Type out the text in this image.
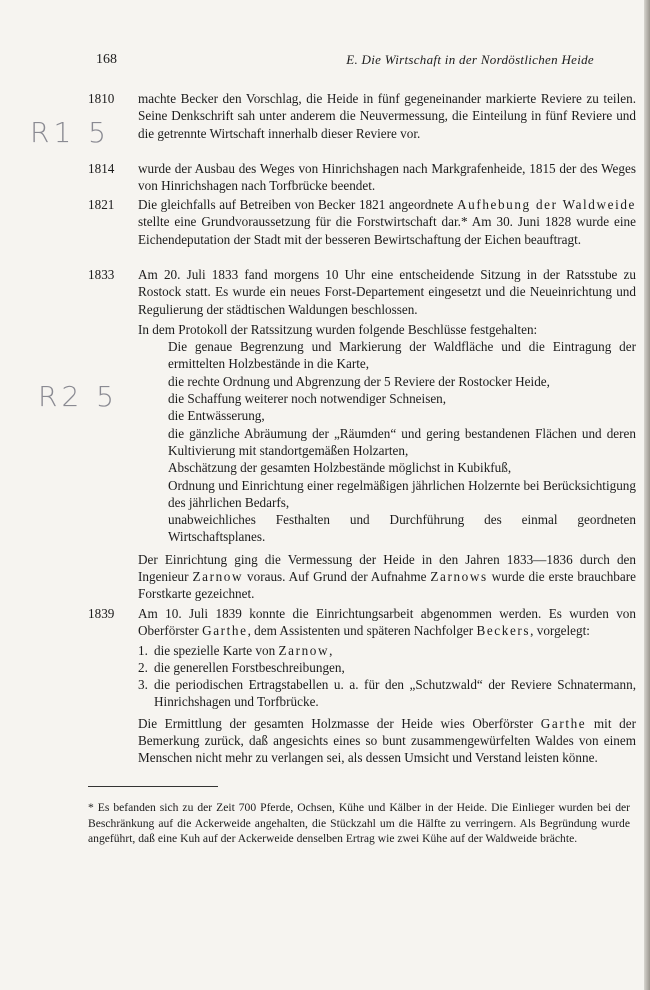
168	E. Die Wirtschaft in der Nordöstlichen Heide
R1 5
R2 5
1810	machte Becker den Vorschlag, die Heide in fünf gegeneinander markierte Reviere zu teilen. Seine Denkschrift sah unter anderem die Neuvermessung, die Einteilung in fünf Reviere und die getrennte Wirtschaft innerhalb dieser Reviere vor.
1814	wurde der Ausbau des Weges von Hinrichshagen nach Markgrafenheide, 1815 der des Weges von Hinrichshagen nach Torfbrücke beendet.
1821	Die gleichfalls auf Betreiben von Becker 1821 angeordnete Aufhebung der Waldweide stellte eine Grundvoraussetzung für die Forstwirtschaft dar.* Am 30. Juni 1828 wurde eine Eichendeputation der Stadt mit der besseren Bewirtschaftung der Eichen beauftragt.
1833	Am 20. Juli 1833 fand morgens 10 Uhr eine entscheidende Sitzung in der Ratsstube zu Rostock statt. Es wurde ein neues Forst-Departement eingesetzt und die Neueinrichtung und Regulierung der städtischen Waldungen beschlossen.

In dem Protokoll der Ratssitzung wurden folgende Beschlüsse festgehalten:

Die genaue Begrenzung und Markierung der Waldfläche und die Eintragung der ermittelten Holzbestände in die Karte,

die rechte Ordnung und Abgrenzung der 5 Reviere der Rostocker Heide,

die Schaffung weiterer noch notwendiger Schneisen,

die Entwässerung,

die gänzliche Abräumung der „Räumden“ und gering bestandenen Flächen und deren Kultivierung mit standortgemäßen Holzarten,

Abschätzung der gesamten Holzbestände möglichst in Kubikfuß,

Ordnung und Einrichtung einer regelmäßigen jährlichen Holzernte bei Berücksichtigung des jährlichen Bedarfs,

unabweichliches Festhalten und Durchführung des einmal geordneten Wirtschaftsplanes.

Der Einrichtung ging die Vermessung der Heide in den Jahren 1833—1836 durch den Ingenieur Zarnow voraus. Auf Grund der Aufnahme Zarnows wurde die erste brauchbare Forstkarte gezeichnet.

1839	Am 10. Juli 1839 konnte die Einrichtungsarbeit abgenommen werden. Es wurden von Oberförster Garthe, dem Assistenten und späteren Nachfolger Beckers, vorgelegt:

1. die spezielle Karte von Zarnow,
2. die generellen Forstbeschreibungen,
3. die periodischen Ertragstabellen u. a. für den „Schutzwald“ der Reviere Schnatermann, Hinrichshagen und Torfbrücke.

Die Ermittlung der gesamten Holzmasse der Heide wies Oberförster Garthe mit der Bemerkung zurück, daß angesichts eines so bunt zusammengewürfelten Waldes von einem Menschen nicht mehr zu verlangen sei, als dessen Umsicht und Verstand leisten könne.

* Es befanden sich zu der Zeit 700 Pferde, Ochsen, Kühe und Kälber in der Heide. Die Einlieger wurden bei der Beschränkung auf die Ackerweide angehalten, die Stückzahl um die Hälfte zu verringern. Als Begründung wurde angeführt, daß eine Kuh auf der Ackerweide denselben Ertrag wie zwei Kühe auf der Waldweide brächte.
